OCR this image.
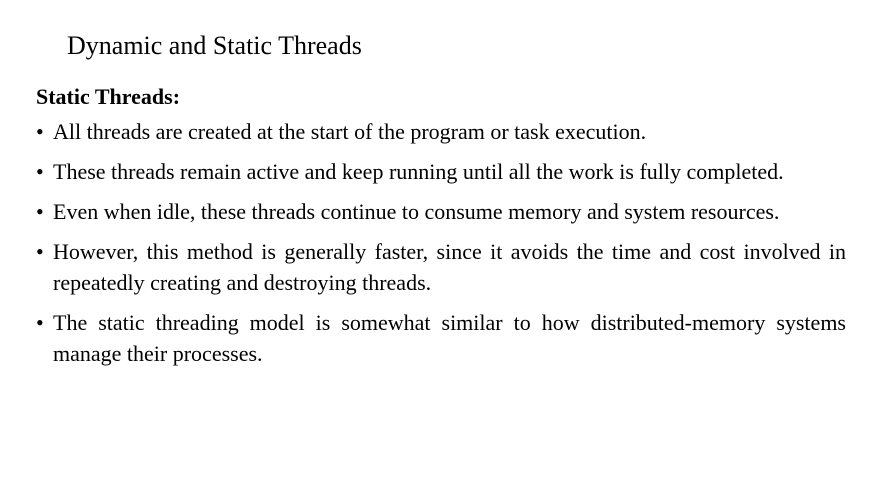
Dynamic and Static Threads
Static Threads:
• All threads are created at the start of the program or task execution.
• These threads remain active and keep running until all the work is fully completed.
• Even when idle, these threads continue to consume memory and system resources.
• However, this method is generally faster, since it avoids the time and cost involved in repeatedly creating and destroying threads.
• The static threading model is somewhat similar to how distributed-memory systems manage their processes.
